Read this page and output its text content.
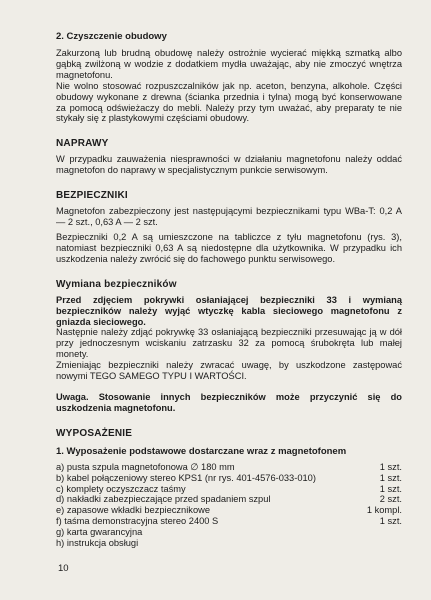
2. Czyszczenie obudowy

Zakurzoną lub brudną obudowę należy ostrożnie wycierać miękką szmatką albo gąbką zwilżoną w wodzie z dodatkiem mydła uważając, aby nie zmoczyć wnętrza magnetofonu.

Nie wolno stosować rozpuszczalników jak np. aceton, benzyna, alkohole. Części obudowy wykonane z drewna (ścianka przednia i tylna) mogą być konserwowane za pomocą odświeżaczy do mebli. Należy przy tym uważać, aby preparaty te nie stykały się z plastykowymi częściami obudowy.

NAPRAWY

W przypadku zauważenia niesprawności w działaniu magnetofonu należy oddać magnetofon do naprawy w specjalistycznym punkcie serwisowym.

BEZPIECZNIKI

Magnetofon zabezpieczony jest następującymi bezpiecznikami typu WBa-T: 0,2 A — 2 szt., 0,63 A — 2 szt.

Bezpieczniki 0,2 A są umieszczone na tabliczce z tyłu magnetofonu (rys. 3), natomiast bezpieczniki 0,63 A są niedostępne dla użytkownika. W przypadku ich uszkodzenia należy zwrócić się do fachowego punktu serwisowego.

Wymiana bezpieczników

Przed zdjęciem pokrywki osłaniającej bezpieczniki 33 i wymianą bezpieczników należy wyjąć wtyczkę kabla sieciowego magnetofonu z gniazda sieciowego.

Następnie należy zdjąć pokrywkę 33 osłaniającą bezpieczniki przesuwając ją w dół przy jednoczesnym wciskaniu zatrzasku 32 za pomocą śrubokręta lub małej monety.

Zmieniając bezpieczniki należy zwracać uwagę, by uszkodzone zastępować nowymi TEGO SAMEGO TYPU I WARTOŚCI.

Uwaga. Stosowanie innych bezpieczników może przyczynić się do uszkodzenia magnetofonu.

WYPOSAŻENIE
1. Wyposażenie podstawowe dostarczane wraz z magnetofonem
a) pusta szpula magnetofonowa ∅ 180 mm	1 szt.
b) kabel połączeniowy stereo KPS1 (nr rys. 401-4576-033-010)	1 szt.
c) komplety oczyszczacz taśmy	1 szt.
d) nakładki zabezpieczające przed spadaniem szpul	2 szt.
e) zapasowe wkładki bezpiecznikowe	1 kompl.
f) taśma demonstracyjna stereo 2400 S	1 szt.
g) karta gwarancyjna
h) instrukcja obsługi
10
